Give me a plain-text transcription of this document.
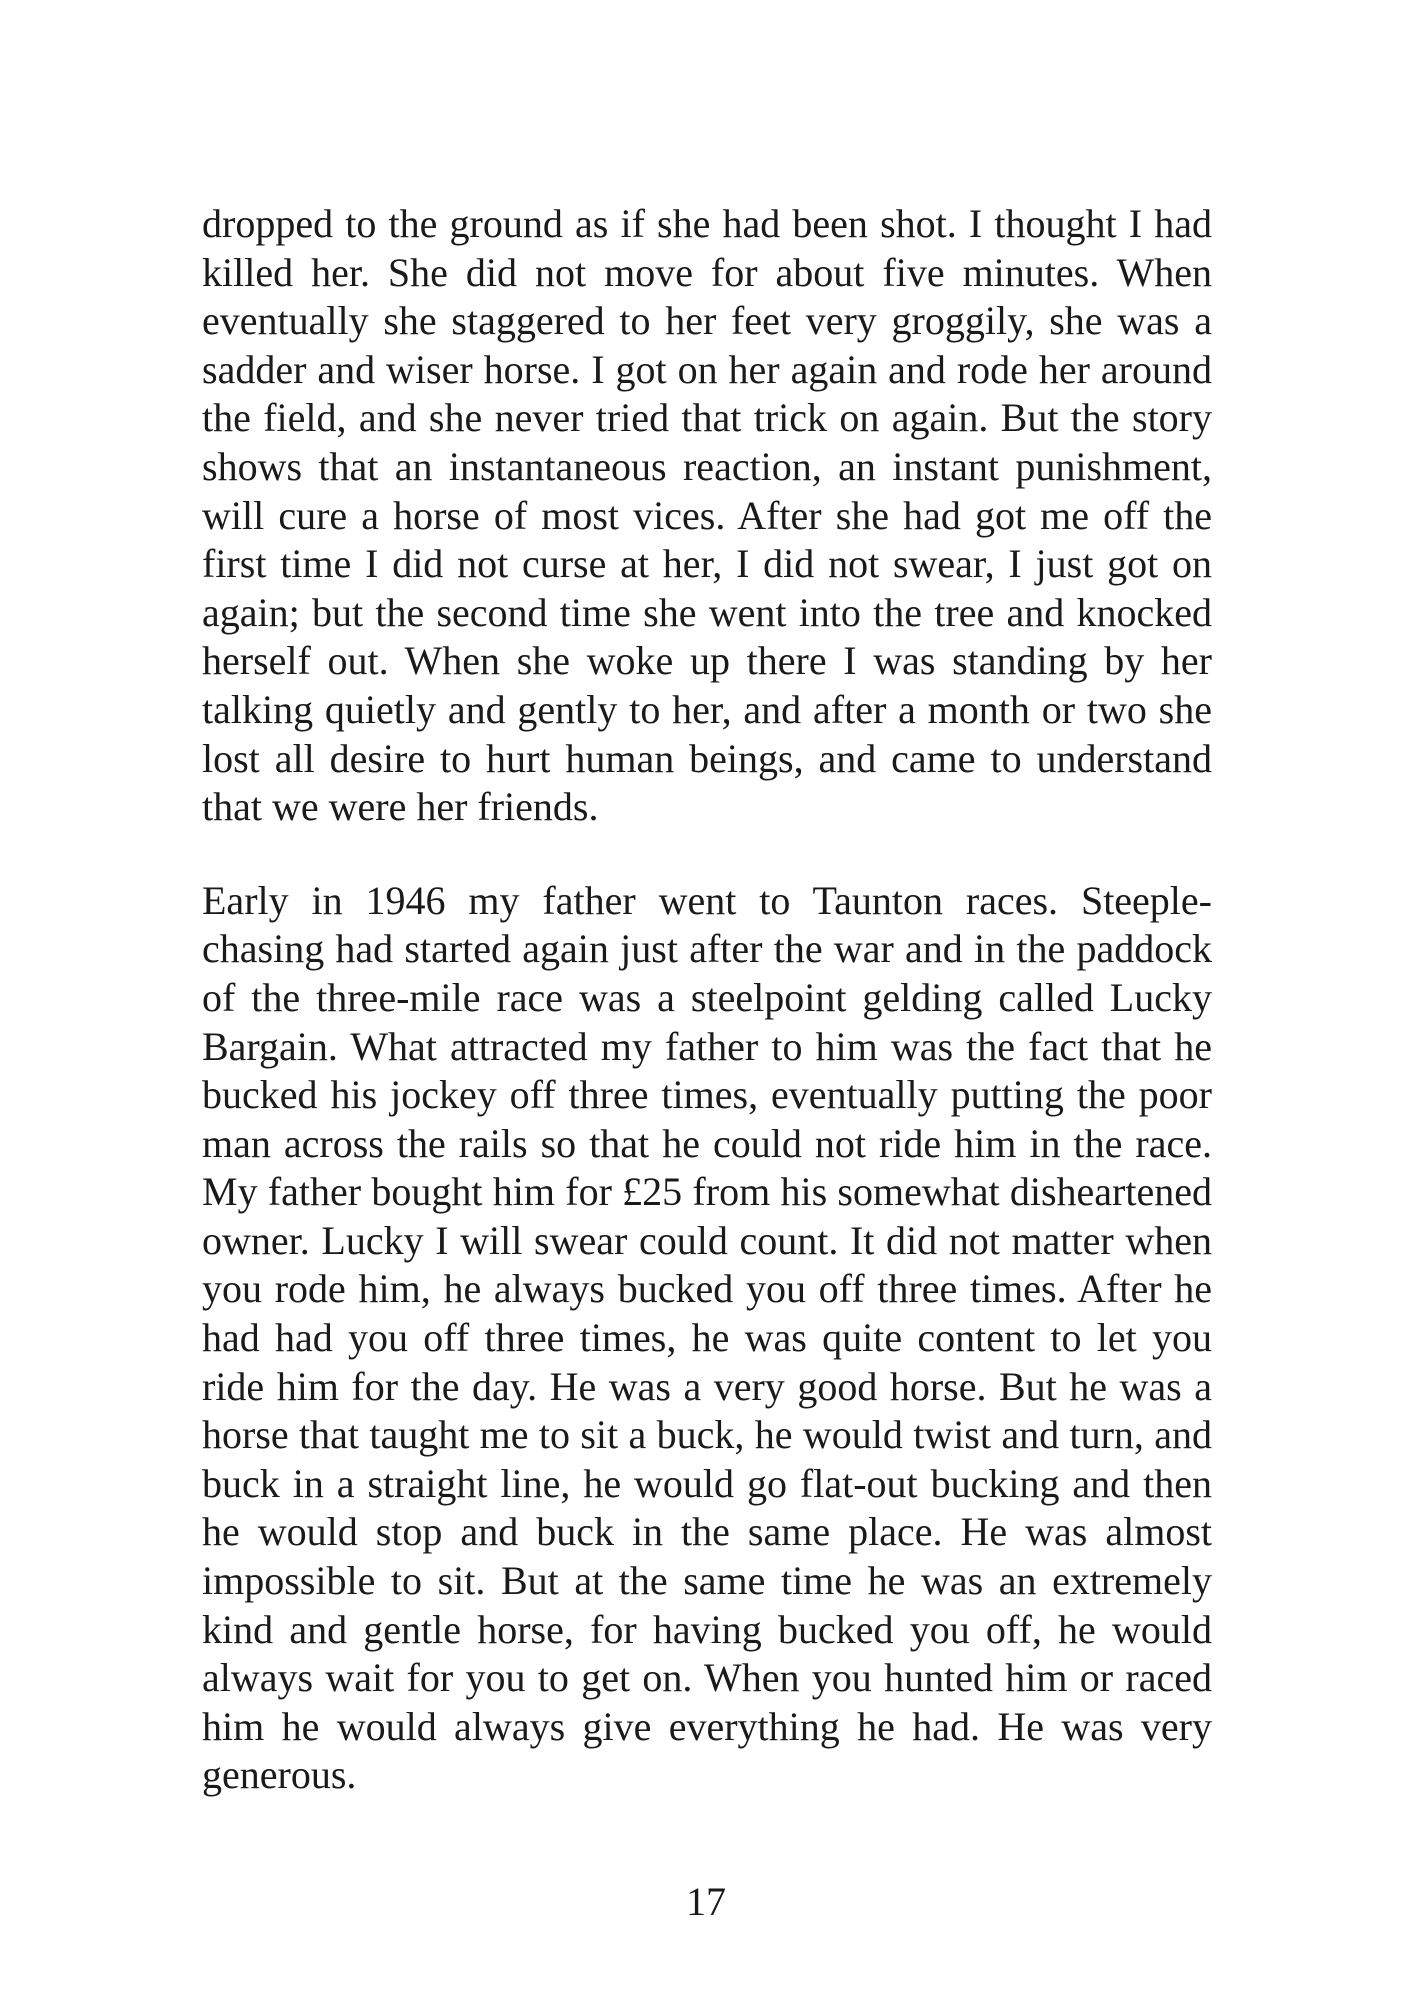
dropped to the ground as if she had been shot. I thought I had killed her. She did not move for about five minutes. When eventually she staggered to her feet very groggily, she was a sadder and wiser horse. I got on her again and rode her around the field, and she never tried that trick on again. But the story shows that an instantaneous reaction, an instant punishment, will cure a horse of most vices. After she had got me off the first time I did not curse at her, I did not swear, I just got on again; but the second time she went into the tree and knocked herself out. When she woke up there I was standing by her talking quietly and gently to her, and after a month or two she lost all desire to hurt human beings, and came to understand that we were her friends.

Early in 1946 my father went to Taunton races. Steeple-chasing had started again just after the war and in the paddock of the three-mile race was a steelpoint gelding called Lucky Bargain. What attracted my father to him was the fact that he bucked his jockey off three times, eventually putting the poor man across the rails so that he could not ride him in the race. My father bought him for £25 from his somewhat disheartened owner. Lucky I will swear could count. It did not matter when you rode him, he always bucked you off three times. After he had had you off three times, he was quite content to let you ride him for the day. He was a very good horse. But he was a horse that taught me to sit a buck, he would twist and turn, and buck in a straight line, he would go flat-out bucking and then he would stop and buck in the same place. He was almost impossible to sit. But at the same time he was an extremely kind and gentle horse, for having bucked you off, he would always wait for you to get on. When you hunted him or raced him he would always give everything he had. He was very generous.

17
